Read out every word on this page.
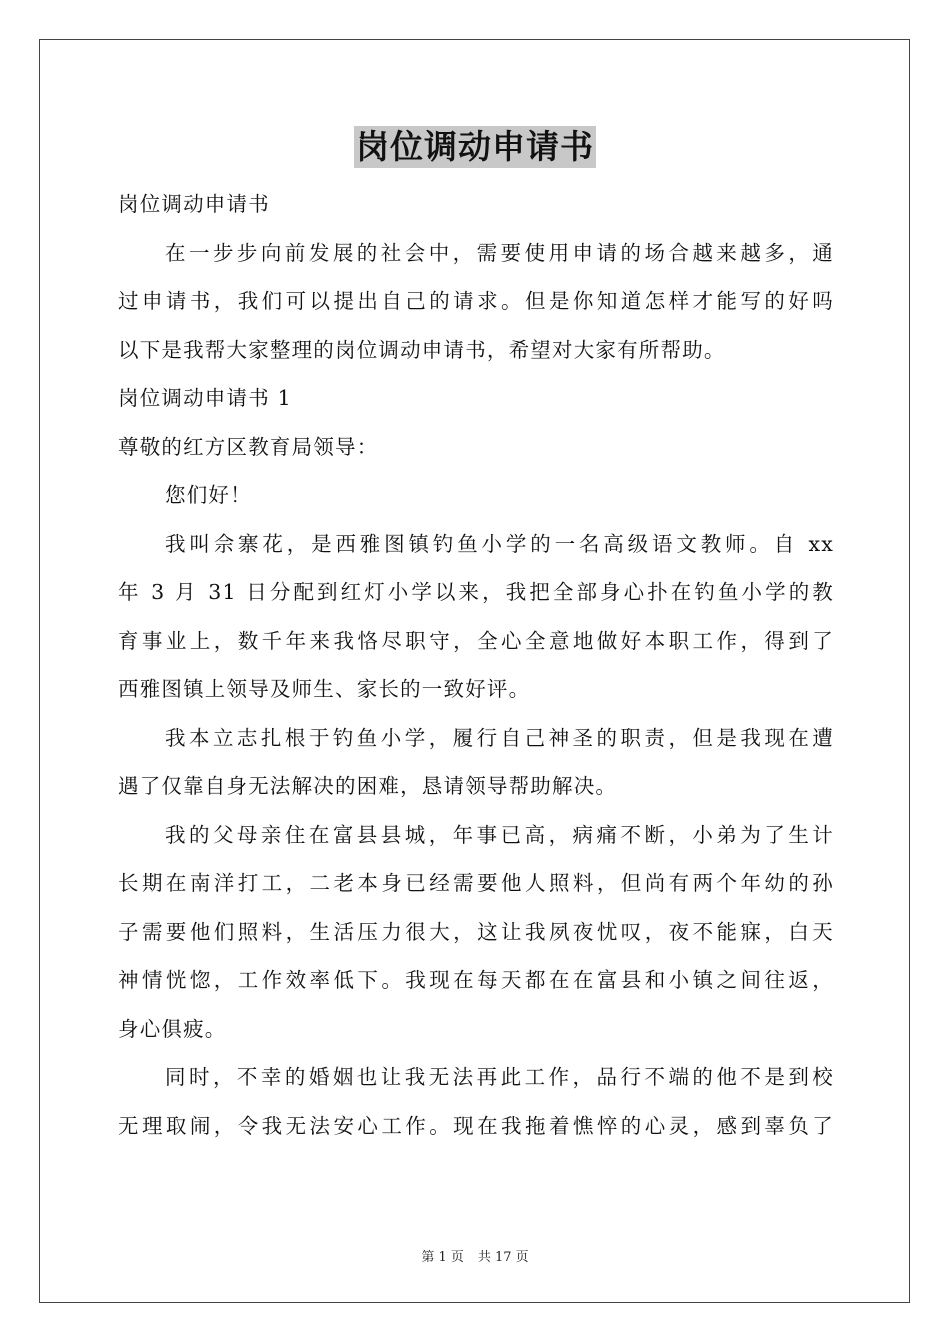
岗位调动申请书
岗位调动申请书
在一步步向前发展的社会中，需要使用申请的场合越来越多，通
过申请书，我们可以提出自己的请求。但是你知道怎样才能写的好吗
以下是我帮大家整理的岗位调动申请书，希望对大家有所帮助。
岗位调动申请书 1
尊敬的红方区教育局领导：
您们好！
我叫佘寨花，是西雅图镇钓鱼小学的一名高级语文教师。自 xx
年 3 月 31 日分配到红灯小学以来，我把全部身心扑在钓鱼小学的教
育事业上，数千年来我恪尽职守，全心全意地做好本职工作，得到了
西雅图镇上领导及师生、家长的一致好评。
我本立志扎根于钓鱼小学，履行自己神圣的职责，但是我现在遭
遇了仅靠自身无法解决的困难，恳请领导帮助解决。
我的父母亲住在富县县城，年事已高，病痛不断，小弟为了生计
长期在南洋打工，二老本身已经需要他人照料，但尚有两个年幼的孙
子需要他们照料，生活压力很大，这让我夙夜忧叹，夜不能寐，白天
神情恍惚，工作效率低下。我现在每天都在在富县和小镇之间往返，
身心俱疲。
同时，不幸的婚姻也让我无法再此工作，品行不端的他不是到校
无理取闹，令我无法安心工作。现在我拖着憔悴的心灵，感到辜负了
第 1 页 共 17 页
